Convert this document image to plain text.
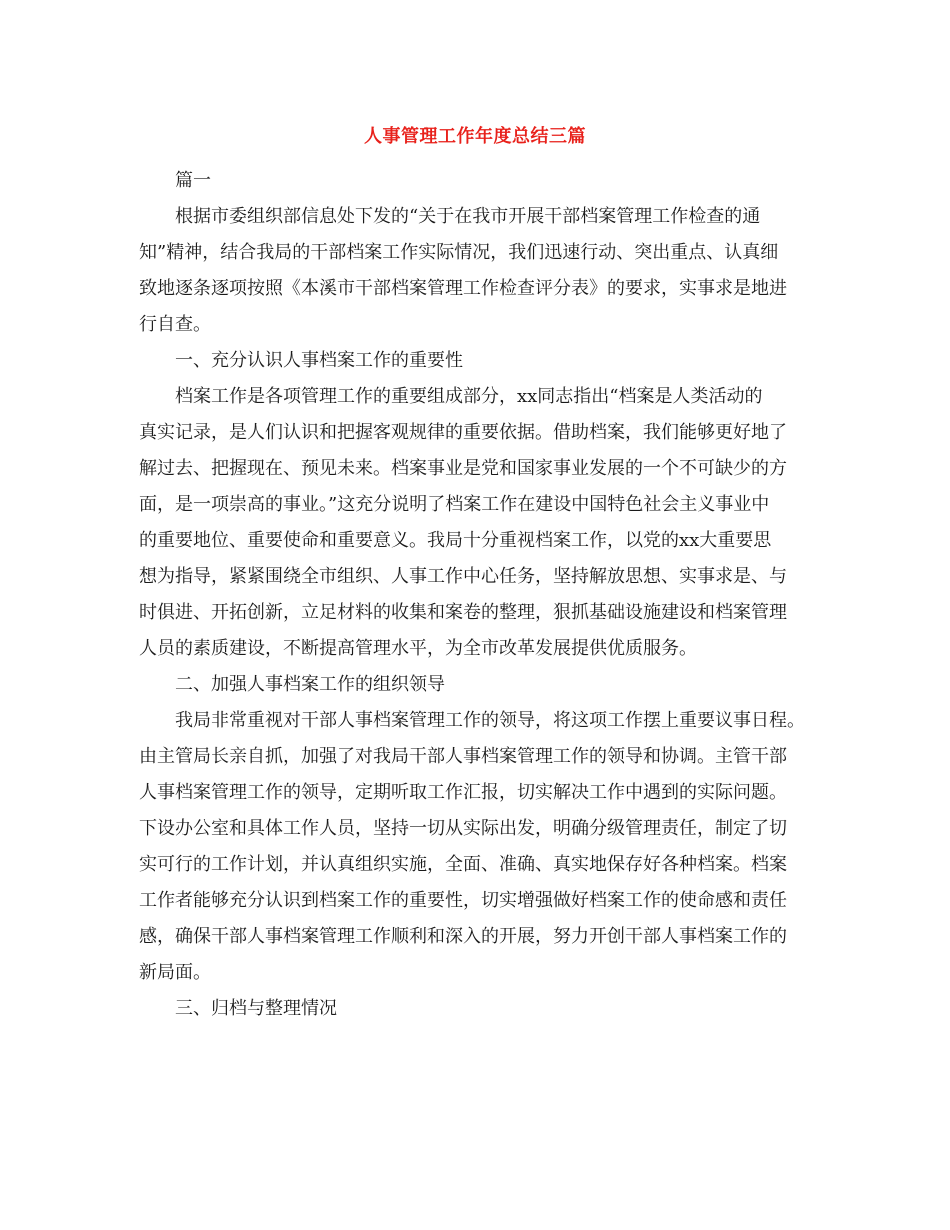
人事管理工作年度总结三篇
篇一
根据市委组织部信息处下发的“关于在我市开展干部档案管理工作检查的通
知”精神，结合我局的干部档案工作实际情况，我们迅速行动、突出重点、认真细
致地逐条逐项按照《本溪市干部档案管理工作检查评分表》的要求，实事求是地进
行自查。
一、充分认识人事档案工作的重要性
档案工作是各项管理工作的重要组成部分，xx同志指出“档案是人类活动的
真实记录，是人们认识和把握客观规律的重要依据。借助档案，我们能够更好地了
解过去、把握现在、预见未来。档案事业是党和国家事业发展的一个不可缺少的方
面，是一项崇高的事业。”这充分说明了档案工作在建设中国特色社会主义事业中
的重要地位、重要使命和重要意义。我局十分重视档案工作，以党的xx大重要思
想为指导，紧紧围绕全市组织、人事工作中心任务，坚持解放思想、实事求是、与
时俱进、开拓创新，立足材料的收集和案卷的整理，狠抓基础设施建设和档案管理
人员的素质建设，不断提高管理水平，为全市改革发展提供优质服务。
二、加强人事档案工作的组织领导
我局非常重视对干部人事档案管理工作的领导，将这项工作摆上重要议事日程。
由主管局长亲自抓，加强了对我局干部人事档案管理工作的领导和协调。主管干部
人事档案管理工作的领导，定期听取工作汇报，切实解决工作中遇到的实际问题。
下设办公室和具体工作人员，坚持一切从实际出发，明确分级管理责任，制定了切
实可行的工作计划，并认真组织实施，全面、准确、真实地保存好各种档案。档案
工作者能够充分认识到档案工作的重要性，切实增强做好档案工作的使命感和责任
感，确保干部人事档案管理工作顺利和深入的开展，努力开创干部人事档案工作的
新局面。
三、归档与整理情况
